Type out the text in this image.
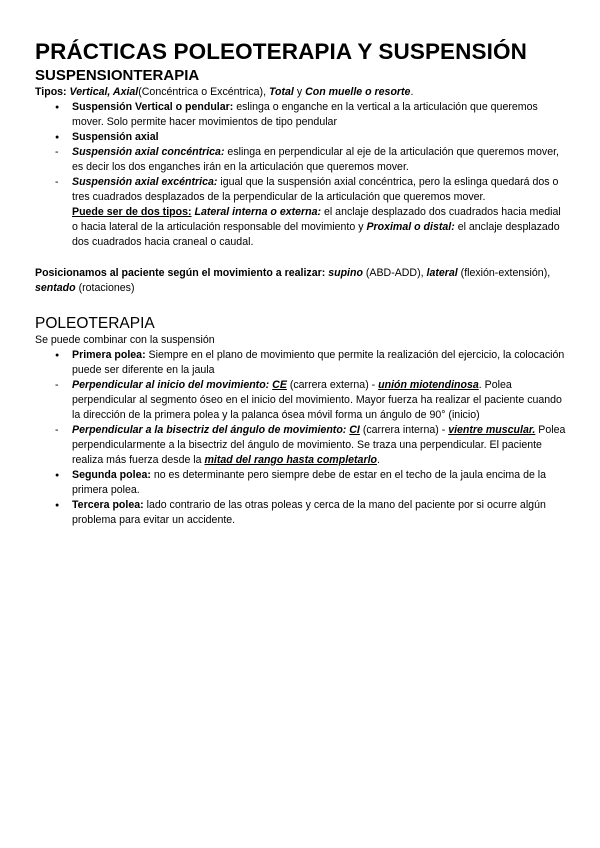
PRÁCTICAS POLEOTERAPIA Y SUSPENSIÓN
SUSPENSIONTERAPIA

Tipos: Vertical, Axial(Concéntrica o Excéntrica), Total y Con muelle o resorte.

●
Suspensión Vertical o pendular: eslinga o enganche en la vertical a la articulación que queremos mover. Solo permite hacer movimientos de tipo pendular
●
Suspensión axial
-	Suspensión axial concéntrica: eslinga en perpendicular al eje de la articulación que queremos mover, es decir los dos enganches irán en la articulación que queremos mover.
-	Suspensión axial excéntrica: igual que la suspensión axial concéntrica, pero la eslinga quedará dos o tres cuadrados desplazados de la perpendicular de la articulación que queremos mover.
Puede ser de dos tipos: Lateral interna o externa: el anclaje desplazado dos cuadrados hacia medial o hacia lateral de la articulación responsable del movimiento y Proximal o distal: el anclaje desplazado dos cuadrados hacia craneal o caudal.

Posicionamos al paciente según el movimiento a realizar: supino (ABD-ADD), lateral (flexión-extensión), sentado (rotaciones)

POLEOTERAPIA

Se puede combinar con la suspensión

●
Primera polea: Siempre en el plano de movimiento que permite la realización del ejercicio, la colocación puede ser diferente en la jaula
-	Perpendicular al inicio del movimiento: CE (carrera externa) - unión miotendinosa. Polea perpendicular al segmento óseo en el inicio del movimiento. Mayor fuerza ha realizar el paciente cuando la dirección de la primera polea y la palanca ósea móvil forma un ángulo de 90° (inicio)
-	Perpendicular a la bisectriz del ángulo de movimiento: CI (carrera interna) - vientre muscular. Polea perpendicularmente a la bisectriz del ángulo de movimiento. Se traza una perpendicular. El paciente realiza más fuerza desde la mitad del rango hasta completarlo.
●
Segunda polea: no es determinante pero siempre debe de estar en el techo de la jaula encima de la primera polea.
●
Tercera polea: lado contrario de las otras poleas y cerca de la mano del paciente por si ocurre algún problema para evitar un accidente.
